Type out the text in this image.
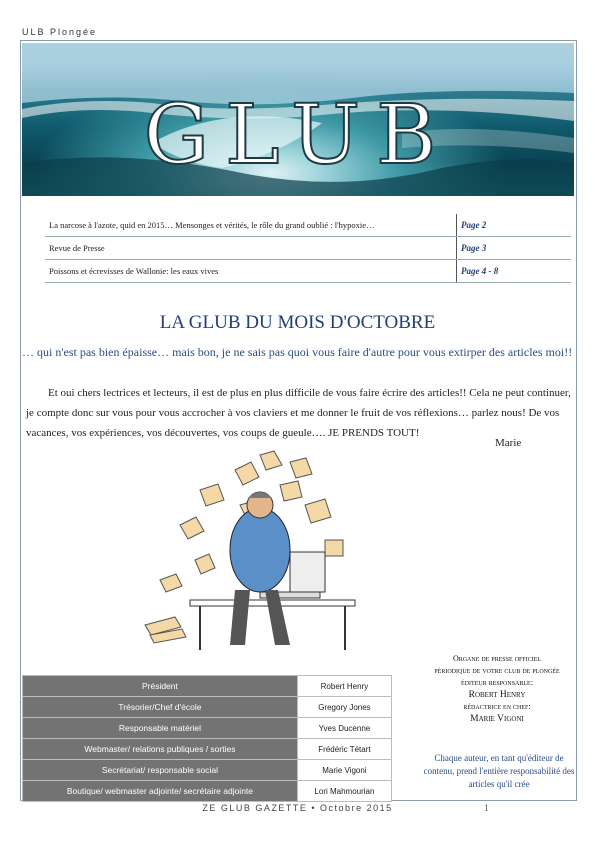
ULB Plongée
GLUB
La narcose à l'azote, quid en 2015… Mensonges et vérités, le rôle du grand oublié : l'hypoxie…	Page 2
Revue de Presse	Page 3
Poissons et écrevisses de Wallonie: les eaux vives	Page 4 - 8
LA GLUB DU MOIS D'OCTOBRE
… qui n'est pas bien épaisse… mais bon, je ne sais pas quoi vous faire d'autre pour vous extirper des articles moi!!
Et oui chers lectrices et lecteurs, il est de plus en plus difficile de vous faire écrire des articles!! Cela ne peut continuer, je compte donc sur vous pour vous accrocher à vos claviers et me donner le fruit de vos réflexions… parlez nous! De vos vacances, vos expériences, vos découvertes, vos coups de gueule…. JE PRENDS TOUT!
Marie
Président	Robert Henry
Trésorier/Chef d'école	Gregory Jones
Responsable matériel	Yves Ducenne
Webmaster/ relations publiques / sorties	Frédéric Tétart
Secrétariat/ responsable social	Marie Vigoni
Boutique/ webmaster adjointe/ secrétaire adjointe	Lori Mahmourian
Organe de presse officiel
périodique de votre club de plongée
éditeur responsable:
Robert Henry
rédactrice en chef:
Marie Vigoni
Chaque auteur, en tant qu'éditeur de contenu, prend l'entière responsabilité des articles qu'il crée
ZE GLUB GAZETTE • Octobre 2015	1
